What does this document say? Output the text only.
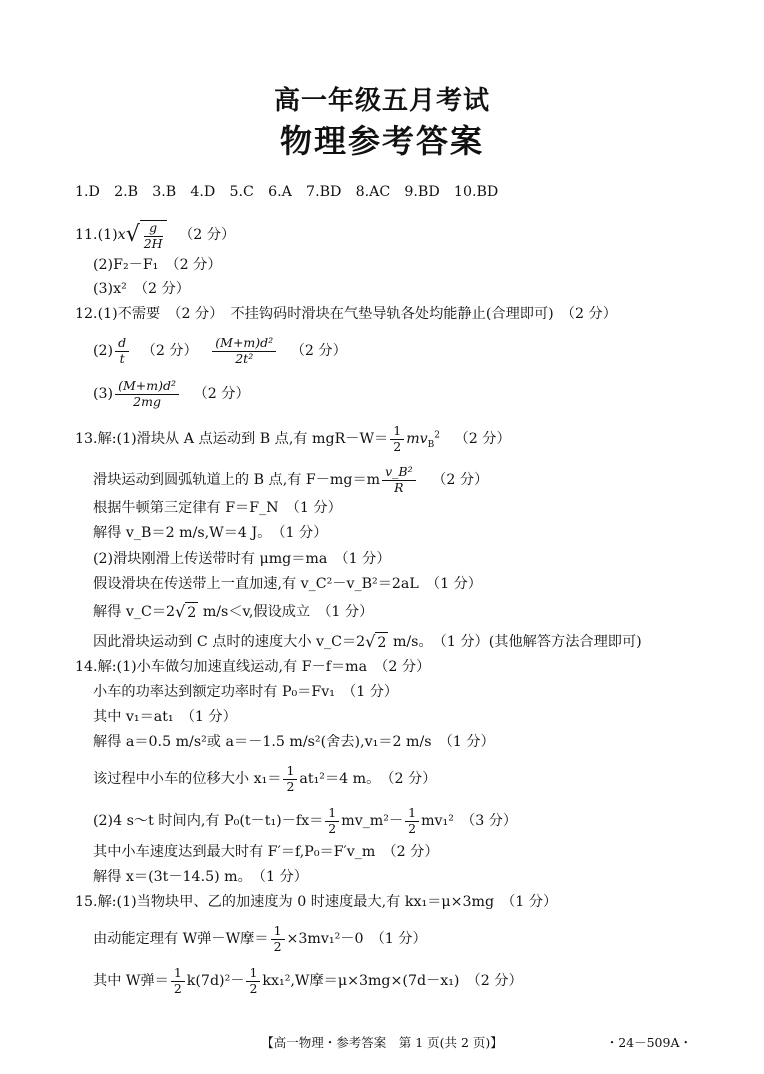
高一年级五月考试
物理参考答案
1.D　2.B　3.B　4.D　5.C　6.A　7.BD　8.AC　9.BD　10.BD
$11.(1)x√ \frac{g}{2H} (2$ 分）
(2)F₂－F₁　（2 分）
(3)x²　（2 分）
12.(1)不需要　（2 分）　不挂钩码时滑块在气垫导轨各处均能静止(合理即可)　（2 分）
$(2) \frac{d}{t} (2$ 分） $\frac{\text{(M+m)d²}}{\text{2t²}} (2$ 分）
$(3) \frac{\text{(M+m)d²}}{2mg} (2$ 分）
13.解:(1)滑块从 A 点运动到 B 点,有 $mgR-W= \frac{1}{2} mv_B^2$ （2 分）
滑块运动到圆弧轨道上的 B 点,有 $F-mg=m \frac{\text{v\_B²}}{R} (2$ 分）
根据牛顿第三定律有 F＝F_N　（1 分）
解得 v_B＝2 m/s,W＝4 J。　（1 分）
(2)滑块刚滑上传送带时有 μmg＝ma　（1 分）
假设滑块在传送带上一直加速,有 v_C²－v_B²＝2aL　（1 分）
解得 v_C＝2√ 2 m/s＜v,假设成立　（1 分）
因此滑块运动到 C 点时的速度大小 v_C＝2√ 2 m/s。　（1 分）(其他解答方法合理即可)
14.解:(1)小车做匀加速直线运动,有 F－f＝ma　（2 分）
小车的功率达到额定功率时有 P₀＝Fv₁　（1 分）
其中 v₁＝at₁　（1 分）
解得 a＝0.5 m/s²或 a＝－1.5 m/s²(舍去),v₁＝2 m/s　（1 分）
该过程中小车的位移大小 $x_1= \frac{1}{2} at_1^2=4$ m。　（2 分）
(2)4 s～t 时间内,有 $P_0(t-t_1)-fx= \frac{1}{2}$ mv_m²－ $\frac{1}{2} mv_1^2$　（3 分）
其中小车速度达到最大时有 F′＝f,P₀＝F′v_m　（2 分）
解得 x＝(3t－14.5) m。　（1 分）
15.解:(1)当物块甲、乙的加速度为 0 时速度最大,有 kx₁＝μ×3mg　（1 分）
由动能定理有 W弹－W摩＝ $\frac{1}{2} \times 3mv_1^2-0$　（1 分）
其中 W弹＝ $\frac{1}{2} k(7d)^2- \frac{1}{2} kx_1^2,W$摩＝μ×3mg×(7d－x₁)　（2 分）
【高一物理・参考答案　第 1 页(共 2 页)】	・24－509A・
